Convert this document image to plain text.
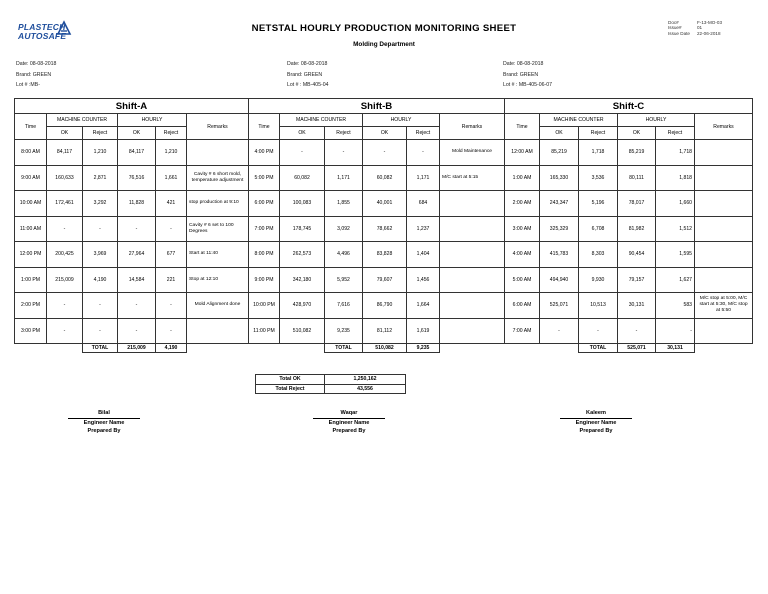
PLASTECH
AUTOSAFE
NETSTAL HOURLY PRODUCTION MONITORING SHEET
Molding Department
Doc#	F-13-MO-03
Issue#	01
Issue Date 22-06-2018
Date: 08-08-2018
Brand: GREEN
Lot # :MB-
Date: 08-08-2018
Brand: GREEN
Lot # : MB-405-04
Date: 08-08-2018
Brand: GREEN
Lot # : MB-405-06-07
Shift-A						Shift-B						Shift-C					
Time	MACHINE COUNTER		HOURLY		Remarks	Time	MACHINE COUNTER		HOURLY		Remarks	Time	MACHINE COUNTER		HOURLY		Remarks
	OK	Reject	OK	Reject			OK	Reject	OK	Reject			OK	Reject	OK	Reject	
8:00 AM	84,117	1,210	84,117	1,210		4:00 PM	-	-	-	-	Mold Maintenance	12:00 AM	85,219	1,718	85,219	1,718	
9:00 AM	160,633	2,871	76,516	1,661	Cavity # 6 short mold, temperature adjustment	5:00 PM	60,082	1,171	60,082	1,171	M/C start at 5:15	1:00 AM	165,330	3,536	80,111	1,818	
10:00 AM	172,461	3,292	11,828	421	stop production at 9:10	6:00 PM	100,083	1,855	40,001	684		2:00 AM	243,347	5,196	78,017	1,660	
11:00 AM	-	-	-	-	Cavity # 6 set to 100 Degrees	7:00 PM	178,745	3,092	78,662	1,237		3:00 AM	325,329	6,708	81,982	1,512	
12:00 PM	200,425	3,969	27,964	677	Start at 11:40	8:00 PM	262,573	4,496	83,828	1,404		4:00 AM	415,783	8,303	90,454	1,595	
1:00 PM	215,009	4,190	14,584	221	Stop at 12:10	9:00 PM	342,180	5,952	79,607	1,456		5:00 AM	494,940	9,930	79,157	1,627	
2:00 PM	-	-	-	-	Mold Alignment done	10:00 PM	428,970	7,616	86,790	1,664		6:00 AM	525,071	10,513	30,131	583	M/C stop at 5:00, M/C start at 5:30, M/C stop at 5:50
3:00 PM	-	-	-	-		11:00 PM	510,082	9,235	81,112	1,619		7:00 AM	-	-	-	-	
		TOTAL	215,009	4,190				TOTAL	510,082	9,235				TOTAL	525,071	30,131	
Total OK	1,250,162
Total Reject	43,556
Bilal
Engineer Name
Prepared By
Waqar
Engineer Name
Prepared By
Kaleem
Engineer Name
Prepared By
